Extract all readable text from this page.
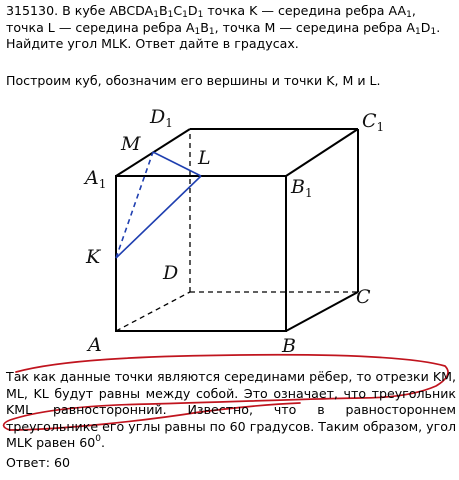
315130. В кубе $ABCDA_1B_1C_1D_1$ точка K — середина ребра $AA_1$, точка L — середина ребра $A_1B_1$, точка M — середина ребра $A_1D_1$. Найдите угол MLK. Ответ дайте в градусах.
Построим куб, обозначим его вершины и точки K, M и L.
$D_1$	$C_1$
M
L
$A_1$	$B_1$
K
D
C
A	B
Так как данные точки являются серединами рёбер, то отрезки KM, ML, KL будут равны между собой. Это означает, что треугольник KML равносторонний. Известно, что в равностороннем треугольнике его углы равны по 60 градусов. Таким образом, угол MLK равен $60^0$.
Ответ: 60
